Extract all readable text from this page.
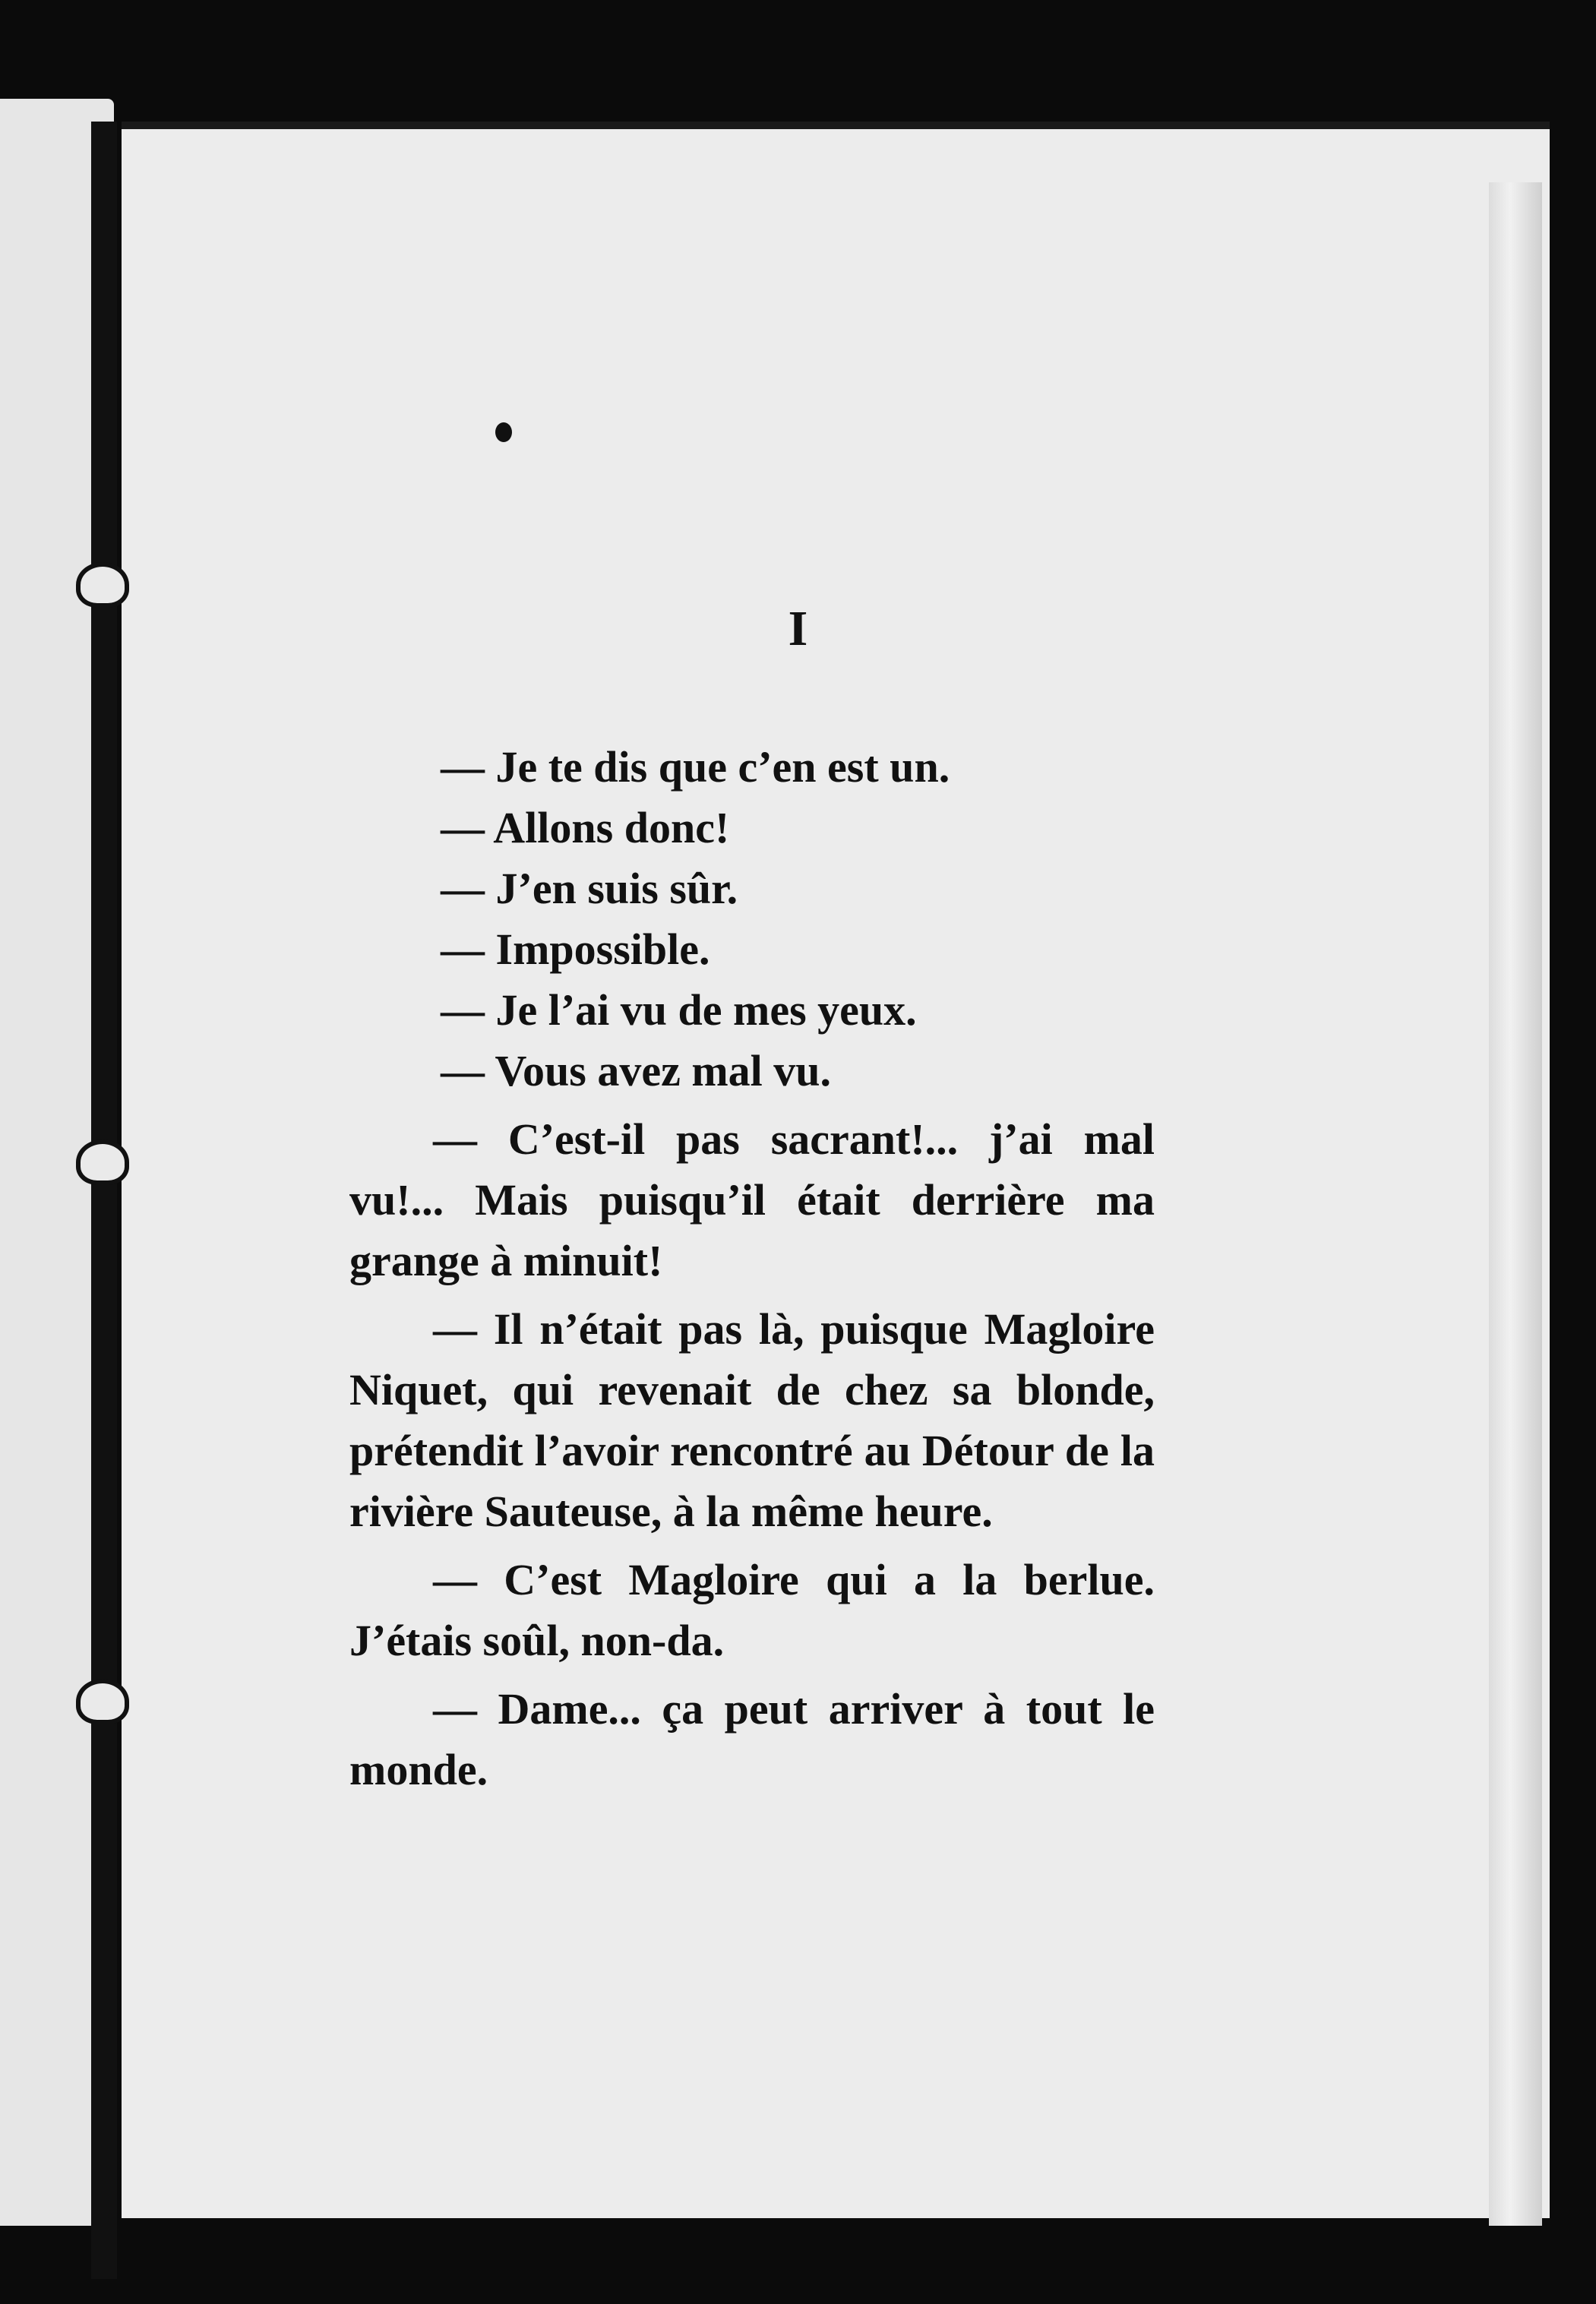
I
— Je te dis que c’en est un.
— Allons donc!
— J’en suis sûr.
— Impossible.
— Je l’ai vu de mes yeux.
— Vous avez mal vu.
— C’est-il pas sacrant!... j’ai mal vu!... Mais puisqu’il était derrière ma grange à minuit!
— Il n’était pas là, puisque Magloire Niquet, qui revenait de chez sa blonde, prétendit l’avoir rencontré au Détour de la rivière Sauteuse, à la même heure.
— C’est Magloire qui a la berlue. J’étais soûl, non-da.
— Dame... ça peut arriver à tout le monde.
